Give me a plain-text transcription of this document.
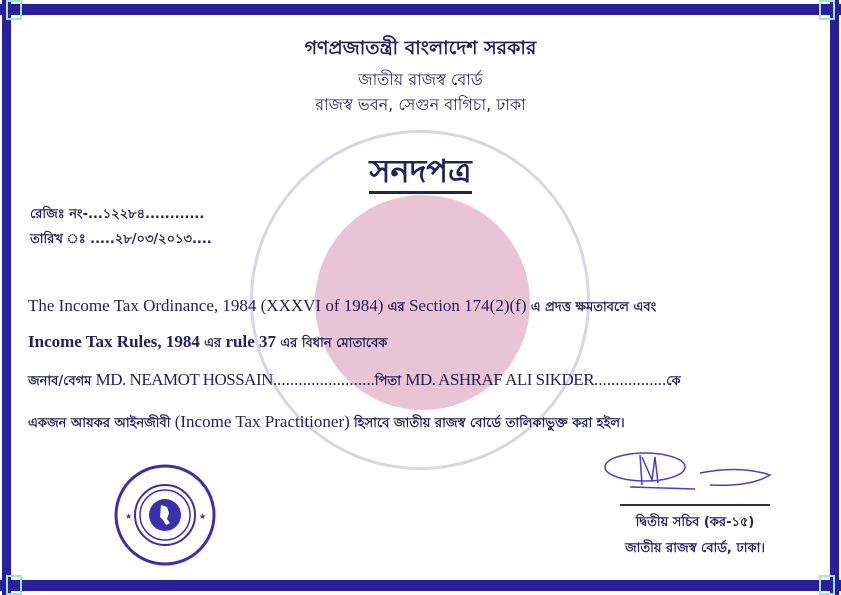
গণপ্রজাতন্ত্রী বাংলাদেশ সরকার
জাতীয় রাজস্ব বোর্ড
রাজস্ব ভবন, সেগুন বাগিচা, ঢাকা
সনদপত্র
রেজিঃ নং-...১২২৮৪............
তারিখ ঃ .....২৮/০৩/২০১৩....
The Income Tax Ordinance, 1984 (XXXVI of 1984) এর Section 174(2)(f) এ প্রদত্ত ক্ষমতাবলে এবং
Income Tax Rules, 1984 এর rule 37 এর বিধান মোতাবেক
জনাব/বেগম MD. NEAMOT HOSSAIN........................পিতা MD. ASHRAF ALI SIKDER.................কে
একজন আয়কর আইনজীবী (Income Tax Practitioner) হিসাবে জাতীয় রাজস্ব বোর্ডে তালিকাভুক্ত করা হইল।
★	★	দ্বিতীয় সচিব (কর-১৫)
জাতীয় রাজস্ব বোর্ড, ঢাকা।
